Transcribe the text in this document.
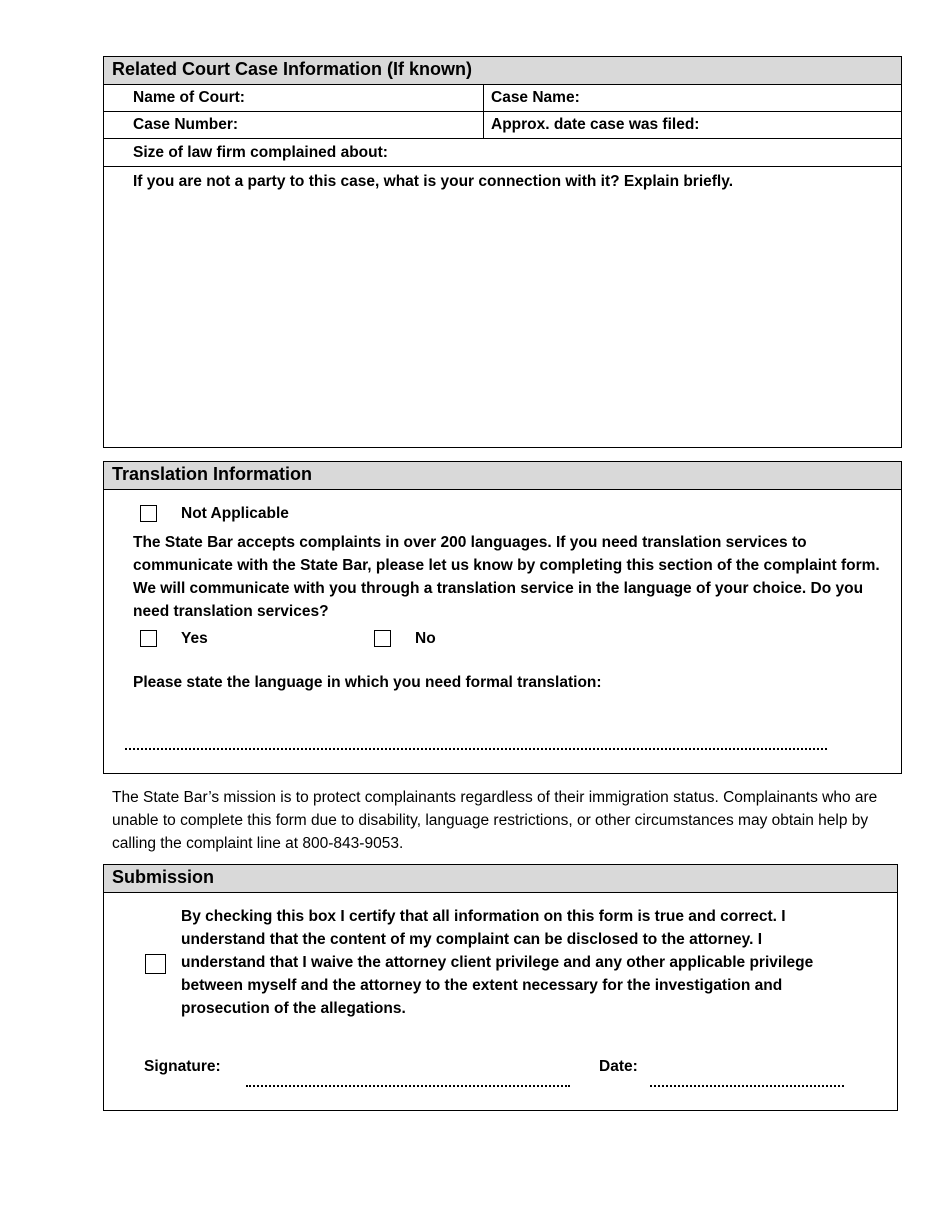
Related Court Case Information (If known)
Name of Court:	Case Name:
Case Number:	Approx. date case was filed:
Size of law firm complained about:
If you are not a party to this case, what is your connection with it? Explain briefly.
Translation Information
Not Applicable
The State Bar accepts complaints in over 200 languages. If you need translation services to communicate with the State Bar, please let us know by completing this section of the complaint form. We will communicate with you through a translation service in the language of your choice. Do you need translation services?
Yes	No
Please state the language in which you need formal translation:
The State Bar’s mission is to protect complainants regardless of their immigration status. Complainants who are unable to complete this form due to disability, language restrictions, or other circumstances may obtain help by calling the complaint line at 800-843-9053.
Submission
By checking this box I certify that all information on this form is true and correct. I understand that the content of my complaint can be disclosed to the attorney. I understand that I waive the attorney client privilege and any other applicable privilege between myself and the attorney to the extent necessary for the investigation and prosecution of the allegations.
Signature:	Date:
